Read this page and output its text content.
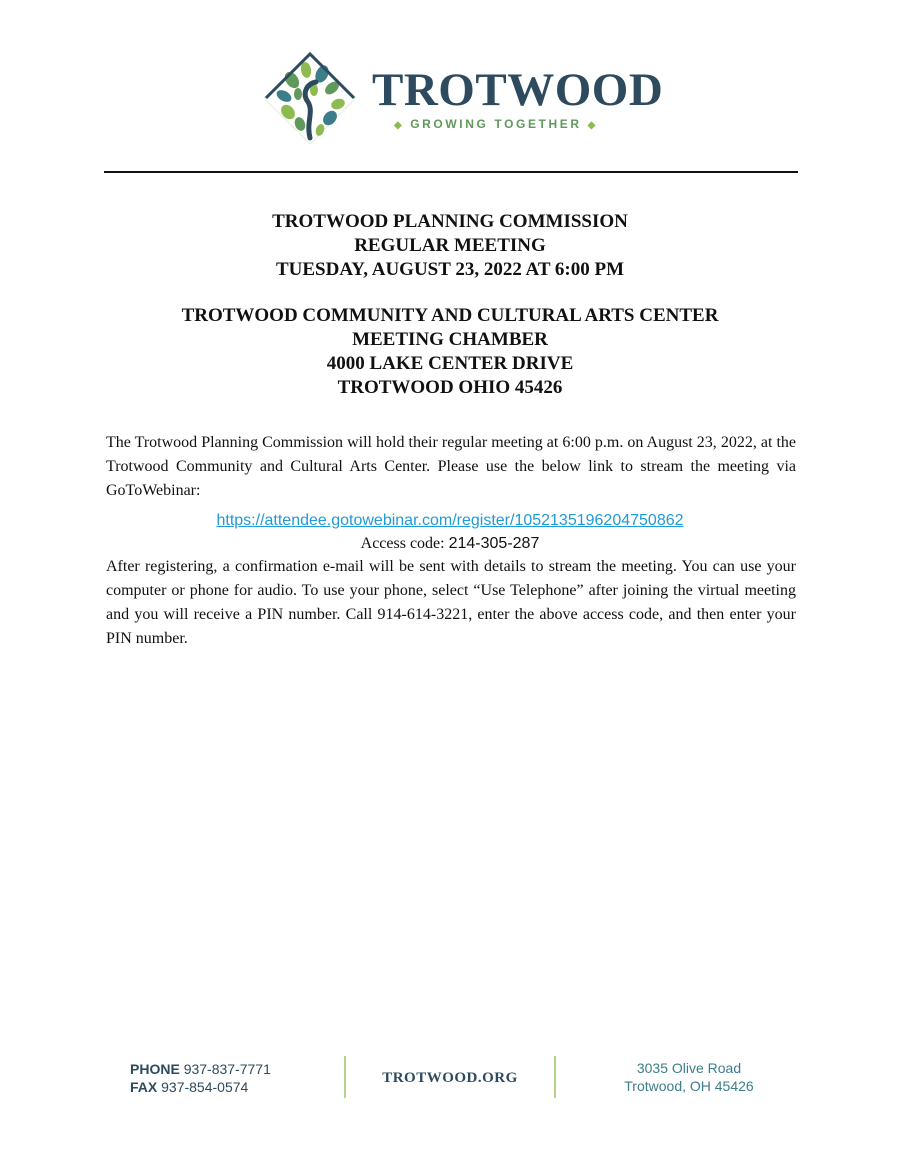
TROTWOOD
◆ GROWING TOGETHER ◆
TROTWOOD PLANNING COMMISSION
REGULAR MEETING
TUESDAY, AUGUST 23, 2022 AT 6:00 PM
TROTWOOD COMMUNITY AND CULTURAL ARTS CENTER
MEETING CHAMBER
4000 LAKE CENTER DRIVE
TROTWOOD OHIO 45426
The Trotwood Planning Commission will hold their regular meeting at 6:00 p.m. on August 23, 2022, at the Trotwood Community and Cultural Arts Center. Please use the below link to stream the meeting via GoToWebinar:
https://attendee.gotowebinar.com/register/1052135196204750862
Access code: 214-305-287
After registering, a confirmation e-mail will be sent with details to stream the meeting. You can use your computer or phone for audio. To use your phone, select “Use Telephone” after joining the virtual meeting and you will receive a PIN number. Call 914-614-3221, enter the above access code, and then enter your PIN number.
PHONE 937-837-7771
FAX 937-854-0574
TROTWOOD.ORG
3035 Olive Road
Trotwood, OH 45426
